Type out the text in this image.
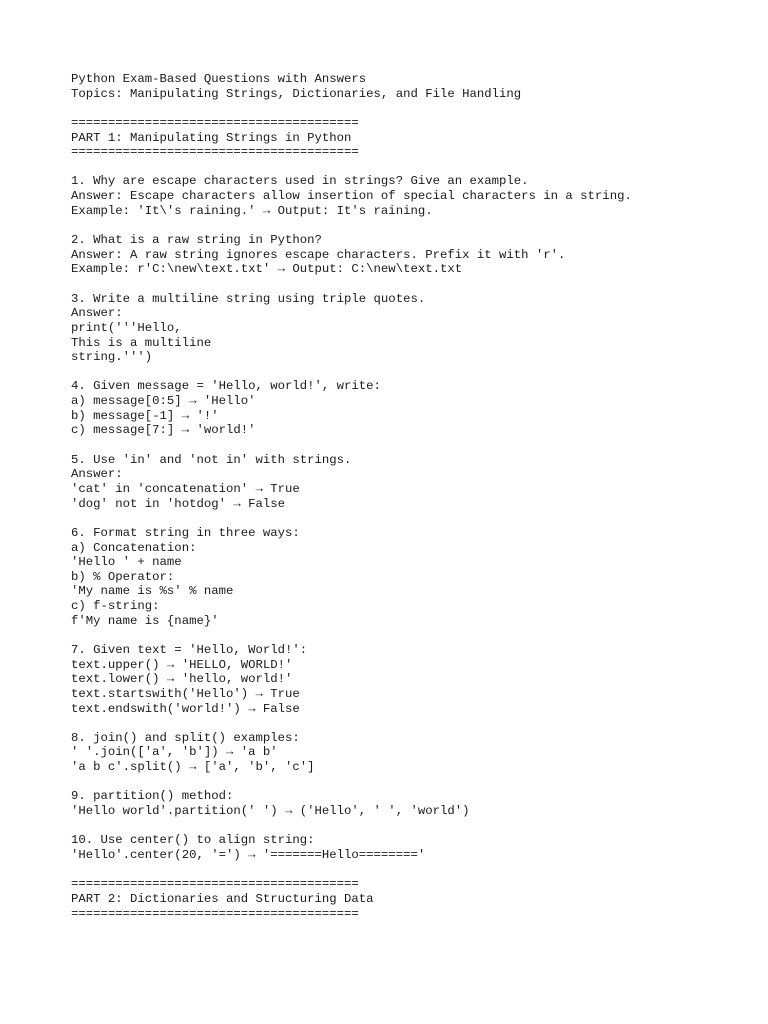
Python Exam-Based Questions with Answers
Topics: Manipulating Strings, Dictionaries, and File Handling
=======================================
PART 1: Manipulating Strings in Python
=======================================
1. Why are escape characters used in strings? Give an example.
Answer: Escape characters allow insertion of special characters in a string.
Example: 'It\'s raining.' → Output: It's raining.
2. What is a raw string in Python?
Answer: A raw string ignores escape characters. Prefix it with 'r'.
Example: r'C:\new\text.txt' → Output: C:\new\text.txt
3. Write a multiline string using triple quotes.
Answer:
print('''Hello,
This is a multiline
string.''')
4. Given message = 'Hello, world!', write:
a) message[0:5] → 'Hello'
b) message[-1] → '!'
c) message[7:] → 'world!'
5. Use 'in' and 'not in' with strings.
Answer:
'cat' in 'concatenation' → True
'dog' not in 'hotdog' → False
6. Format string in three ways:
a) Concatenation:
'Hello ' + name
b) % Operator:
'My name is %s' % name
c) f-string:
f'My name is {name}'
7. Given text = 'Hello, World!':
text.upper() → 'HELLO, WORLD!'
text.lower() → 'hello, world!'
text.startswith('Hello') → True
text.endswith('world!') → False
8. join() and split() examples:
' '.join(['a', 'b']) → 'a b'
'a b c'.split() → ['a', 'b', 'c']
9. partition() method:
'Hello world'.partition(' ') → ('Hello', ' ', 'world')
10. Use center() to align string:
'Hello'.center(20, '=') → '=======Hello========'
=======================================
PART 2: Dictionaries and Structuring Data
=======================================
